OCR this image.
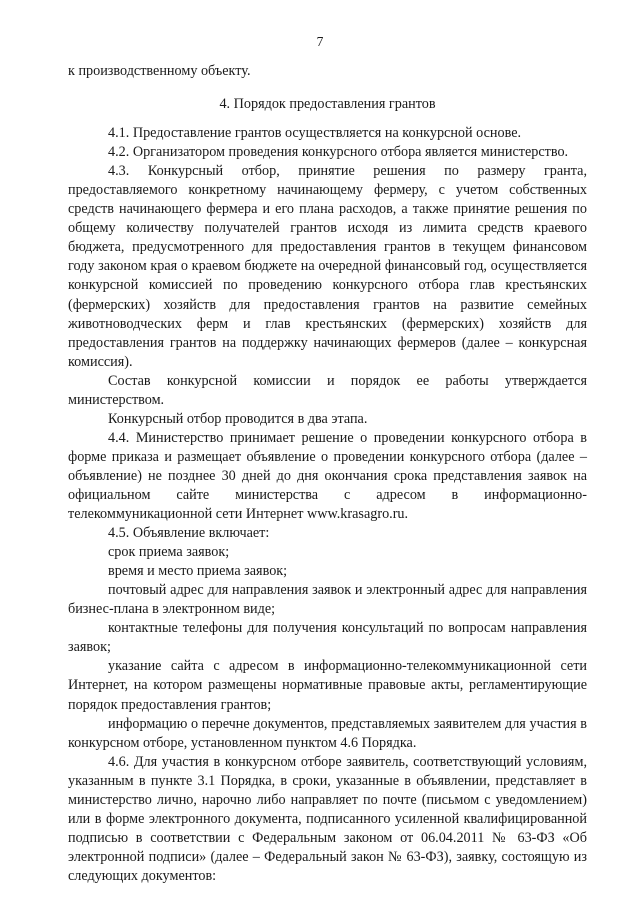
7

к производственному объекту.

4. Порядок предоставления грантов

4.1. Предоставление грантов осуществляется на конкурсной основе.

4.2. Организатором проведения конкурсного отбора является министерство.

4.3. Конкурсный отбор, принятие решения по размеру гранта, предоставляемого конкретному начинающему фермеру, с учетом собственных средств начинающего фермера и его плана расходов, а также принятие решения по общему количеству получателей грантов исходя из лимита средств краевого бюджета, предусмотренного для предоставления грантов в текущем финансовом году законом края о краевом бюджете на очередной финансовый год, осуществляется конкурсной комиссией по проведению конкурсного отбора глав крестьянских (фермерских) хозяйств для предоставления грантов на развитие семейных животноводческих ферм и глав крестьянских (фермерских) хозяйств для предоставления грантов на поддержку начинающих фермеров (далее – конкурсная комиссия).

Состав конкурсной комиссии и порядок ее работы утверждается министерством.

Конкурсный отбор проводится в два этапа.

4.4. Министерство принимает решение о проведении конкурсного отбора в форме приказа и размещает объявление о проведении конкурсного отбора (далее – объявление) не позднее 30 дней до дня окончания срока представления заявок на официальном сайте министерства с адресом в информационно-телекоммуникационной сети Интернет www.krasagro.ru.

4.5. Объявление включает:

срок приема заявок;

время и место приема заявок;

почтовый адрес для направления заявок и электронный адрес для направления бизнес-плана в электронном виде;

контактные телефоны для получения консультаций по вопросам направления заявок;

указание сайта с адресом в информационно-телекоммуникационной сети Интернет, на котором размещены нормативные правовые акты, регламентирующие порядок предоставления грантов;

информацию о перечне документов, представляемых заявителем для участия в конкурсном отборе, установленном пунктом 4.6 Порядка.

4.6. Для участия в конкурсном отборе заявитель, соответствующий условиям, указанным в пункте 3.1 Порядка, в сроки, указанные в объявлении, представляет в министерство лично, нарочно либо направляет по почте (письмом с уведомлением) или в форме электронного документа, подписанного усиленной квалифицированной подписью в соответствии с Федеральным законом от 06.04.2011 № 63-ФЗ «Об электронной подписи» (далее – Федеральный закон № 63-ФЗ), заявку, состоящую из следующих документов:
